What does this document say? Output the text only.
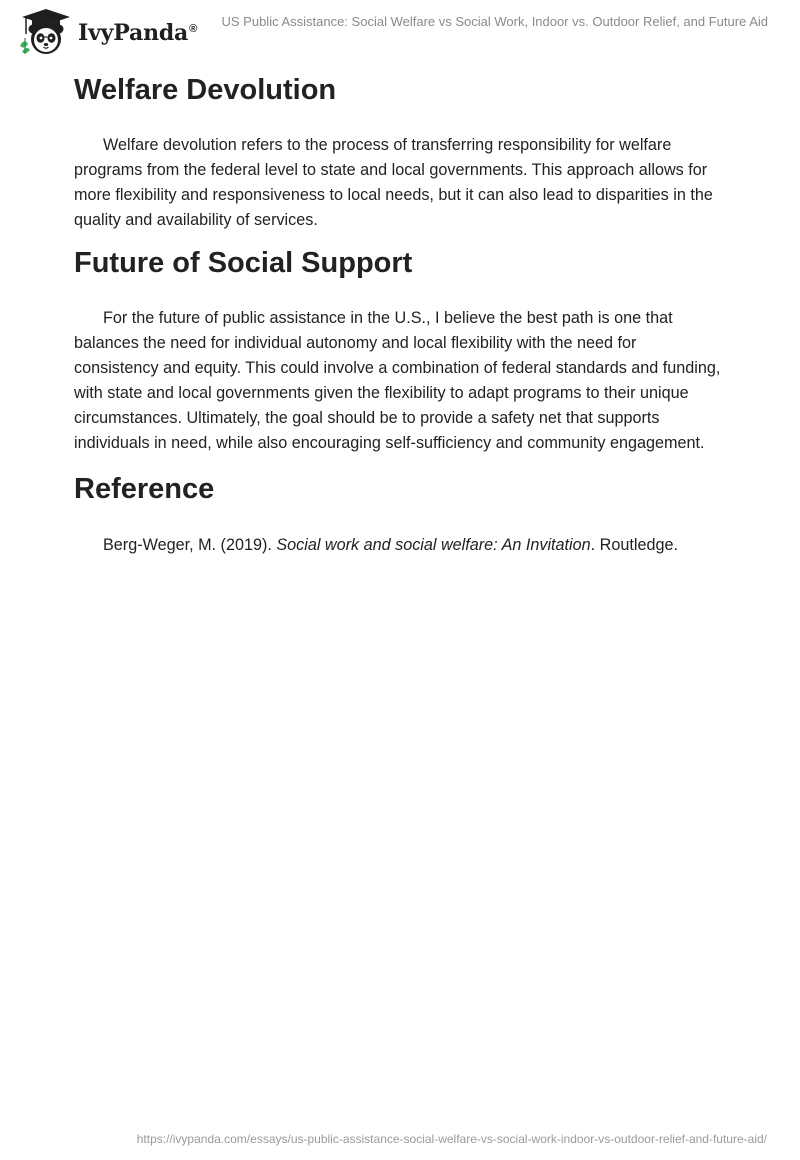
IvyPanda® US Public Assistance: Social Welfare vs Social Work, Indoor vs. Outdoor Relief, and Future Aid
Welfare Devolution

Welfare devolution refers to the process of transferring responsibility for welfare programs from the federal level to state and local governments. This approach allows for more flexibility and responsiveness to local needs, but it can also lead to disparities in the quality and availability of services.

Future of Social Support

For the future of public assistance in the U.S., I believe the best path is one that balances the need for individual autonomy and local flexibility with the need for consistency and equity. This could involve a combination of federal standards and funding, with state and local governments given the flexibility to adapt programs to their unique circumstances. Ultimately, the goal should be to provide a safety net that supports individuals in need, while also encouraging self-sufficiency and community engagement.

Reference

Berg-Weger, M. (2019). Social work and social welfare: An Invitation. Routledge.

https://ivypanda.com/essays/us-public-assistance-social-welfare-vs-social-work-indoor-vs-outdoor-relief-and-future-aid/
